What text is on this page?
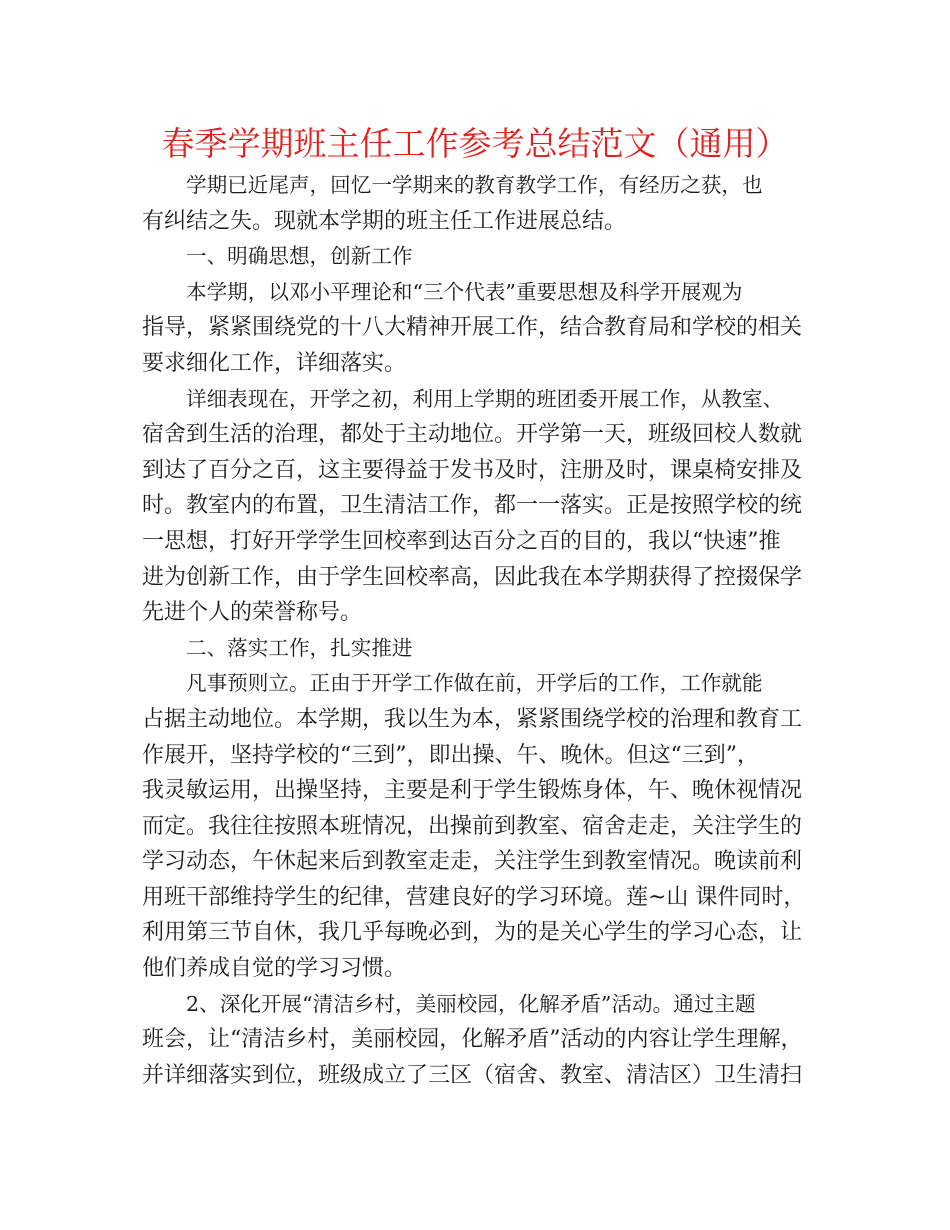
春季学期班主任工作参考总结范文（通用）
学期已近尾声，回忆一学期来的教育教学工作，有经历之获，也
有纠结之失。现就本学期的班主任工作进展总结。
一、明确思想，创新工作
本学期，以邓小平理论和“三个代表”重要思想及科学开展观为
指导，紧紧围绕党的十八大精神开展工作，结合教育局和学校的相关
要求细化工作，详细落实。
详细表现在，开学之初，利用上学期的班团委开展工作，从教室、
宿舍到生活的治理，都处于主动地位。开学第一天，班级回校人数就
到达了百分之百，这主要得益于发书及时，注册及时，课桌椅安排及
时。教室内的布置，卫生清洁工作，都一一落实。正是按照学校的统
一思想，打好开学学生回校率到达百分之百的目的，我以“快速”推
进为创新工作，由于学生回校率高，因此我在本学期获得了控掇保学
先进个人的荣誉称号。
二、落实工作，扎实推进
凡事预则立。正由于开学工作做在前，开学后的工作，工作就能
占据主动地位。本学期，我以生为本，紧紧围绕学校的治理和教育工
作展开，坚持学校的“三到”，即出操、午、晚休。但这“三到”，
我灵敏运用，出操坚持，主要是利于学生锻炼身体，午、晚休视情况
而定。我往往按照本班情况，出操前到教室、宿舍走走，关注学生的
学习动态，午休起来后到教室走走，关注学生到教室情况。晚读前利
用班干部维持学生的纪律，营建良好的学习环境。莲~山 课件同时，
利用第三节自休，我几乎每晚必到，为的是关心学生的学习心态，让
他们养成自觉的学习习惯。
2、深化开展“清洁乡村，美丽校园，化解矛盾”活动。通过主题
班会，让“清洁乡村，美丽校园，化解矛盾”活动的内容让学生理解，
并详细落实到位，班级成立了三区（宿舍、教室、清洁区）卫生清扫
